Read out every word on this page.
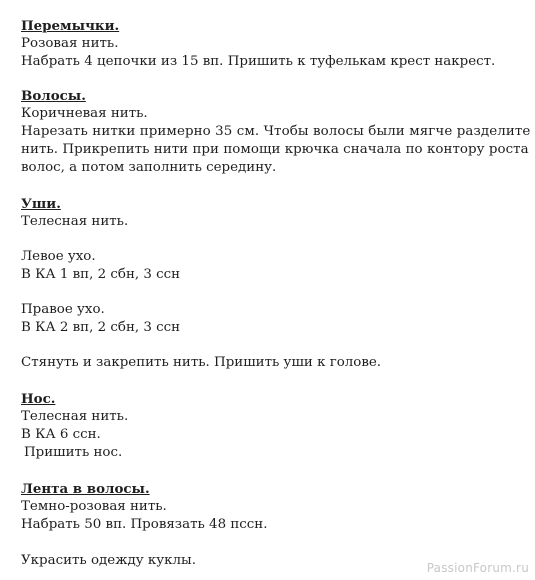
Перемычки.

Розовая нить.

Набрать 4 цепочки из 15 вп. Пришить к туфелькам крест накрест.

Волосы.

Коричневая нить.

Нарезать нитки примерно 35 см. Чтобы волосы были мягче разделите

нить. Прикрепить нити при помощи крючка сначала по контору роста

волос, а потом заполнить середину.

Уши.

Телесная нить.

Левое ухо.

В КА 1 вп, 2 сбн, 3 ссн

Правое ухо.

В КА 2 вп, 2 сбн, 3 ссн

Стянуть и закрепить нить. Пришить уши к голове.

Нос.

Телесная нить.

В КА 6 ссн.

Пришить нос.

Лента в волосы.

Темно-розовая нить.

Набрать 50 вп. Провязать 48 пссн.

Украсить одежду куклы.	PassionForum.ru
